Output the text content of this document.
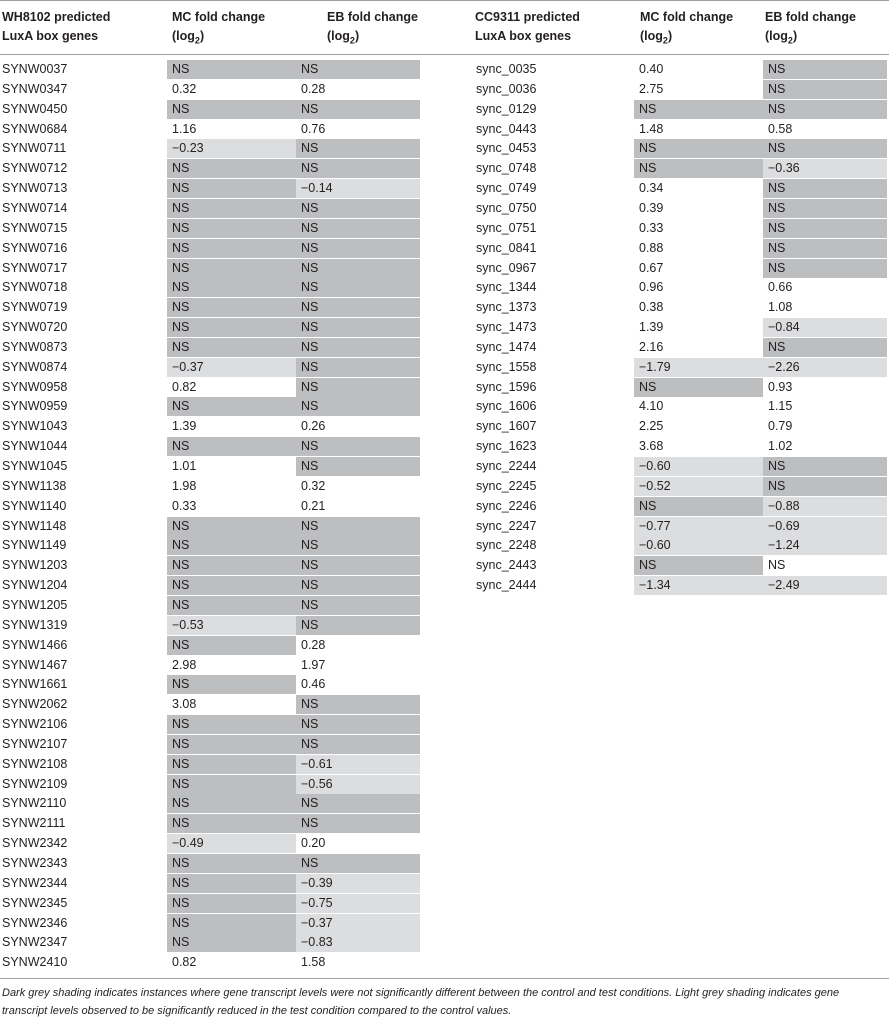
WH8102 predicted
LuxA box genes
MC fold change
$(\log_2)$
EB fold change
$(\log_2)$
CC9311 predicted
LuxA box genes
MC fold change
$(\log_2)$
EB fold change
$(\log_2)$
SYNW0037	NS	NS
SYNW0347	0.32	0.28
SYNW0450	NS	NS
SYNW0684	1.16	0.76
SYNW0711	−0.23	NS
SYNW0712	NS	NS
SYNW0713	NS	−0.14
SYNW0714	NS	NS
SYNW0715	NS	NS
SYNW0716	NS	NS
SYNW0717	NS	NS
SYNW0718	NS	NS
SYNW0719	NS	NS
SYNW0720	NS	NS
SYNW0873	NS	NS
SYNW0874	−0.37	NS
SYNW0958	0.82	NS
SYNW0959	NS	NS
SYNW1043	1.39	0.26
SYNW1044	NS	NS
SYNW1045	1.01	NS
SYNW1138	1.98	0.32
SYNW1140	0.33	0.21
SYNW1148	NS	NS
SYNW1149	NS	NS
SYNW1203	NS	NS
SYNW1204	NS	NS
SYNW1205	NS	NS
SYNW1319	−0.53	NS
SYNW1466	NS	0.28
SYNW1467	2.98	1.97
SYNW1661	NS	0.46
SYNW2062	3.08	NS
SYNW2106	NS	NS
SYNW2107	NS	NS
SYNW2108	NS	−0.61
SYNW2109	NS	−0.56
SYNW2110	NS	NS
SYNW2111	NS	NS
SYNW2342	−0.49	0.20
SYNW2343	NS	NS
SYNW2344	NS	−0.39
SYNW2345	NS	−0.75
SYNW2346	NS	−0.37
SYNW2347	NS	−0.83
SYNW2410	0.82	1.58
sync_0035	0.40	NS
sync_0036	2.75	NS
sync_0129	NS	NS
sync_0443	1.48	0.58
sync_0453	NS	NS
sync_0748	NS	−0.36
sync_0749	0.34	NS
sync_0750	0.39	NS
sync_0751	0.33	NS
sync_0841	0.88	NS
sync_0967	0.67	NS
sync_1344	0.96	0.66
sync_1373	0.38	1.08
sync_1473	1.39	−0.84
sync_1474	2.16	NS
sync_1558	−1.79	−2.26
sync_1596	NS	0.93
sync_1606	4.10	1.15
sync_1607	2.25	0.79
sync_1623	3.68	1.02
sync_2244	−0.60	NS
sync_2245	−0.52	NS
sync_2246	NS	−0.88
sync_2247	−0.77	−0.69
sync_2248	−0.60	−1.24
sync_2443	NS	NS
sync_2444	−1.34	−2.49
Dark grey shading indicates instances where gene transcript levels were not significantly different between the control and test conditions. Light grey shading indicates gene transcript levels observed to be significantly reduced in the test condition compared to the control values.
